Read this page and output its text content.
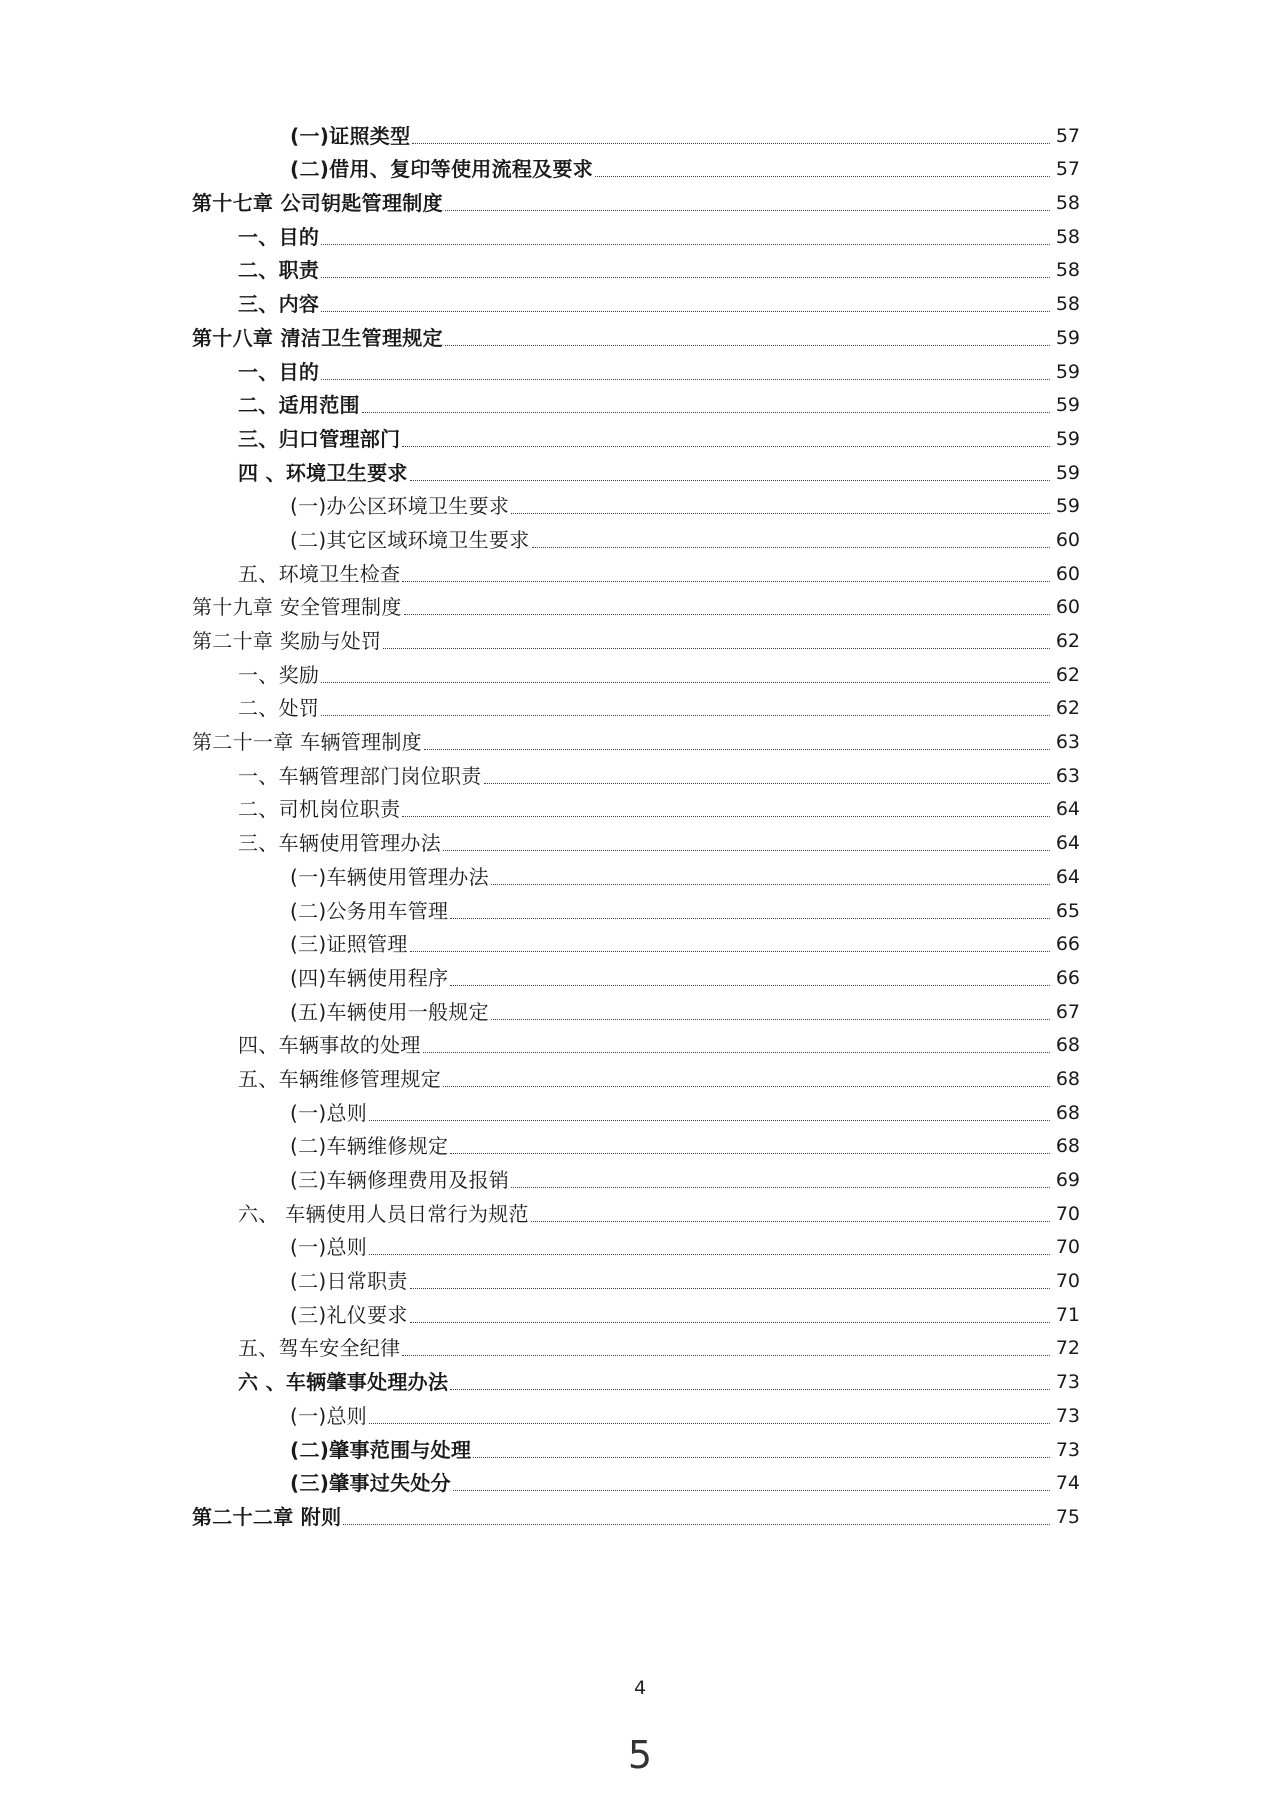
(一)证照类型	57
(二)借用、复印等使用流程及要求	57
第十七章 公司钥匙管理制度	58
一、目的	58
二、职责	58
三、内容	58
第十八章 清洁卫生管理规定	59
一、目的	59
二、适用范围	59
三、归口管理部门	59
四 、环境卫生要求	59
(一)办公区环境卫生要求	59
(二)其它区域环境卫生要求	60
五、环境卫生检查	60
第十九章 安全管理制度	60
第二十章 奖励与处罚	62
一、奖励	62
二、处罚	62
第二十一章 车辆管理制度	63
一、车辆管理部门岗位职责	63
二、司机岗位职责	64
三、车辆使用管理办法	64
(一)车辆使用管理办法	64
(二)公务用车管理	65
(三)证照管理	66
(四)车辆使用程序	66
(五)车辆使用一般规定	67
四、车辆事故的处理	68
五、车辆维修管理规定	68
(一)总则	68
(二)车辆维修规定	68
(三)车辆修理费用及报销	69
六、 车辆使用人员日常行为规范	70
(一)总则	70
(二)日常职责	70
(三)礼仪要求	71
五、驾车安全纪律	72
六 、车辆肇事处理办法	73
(一)总则	73
(二)肇事范围与处理	73
(三)肇事过失处分	74
第二十二章 附则	75
4
5
